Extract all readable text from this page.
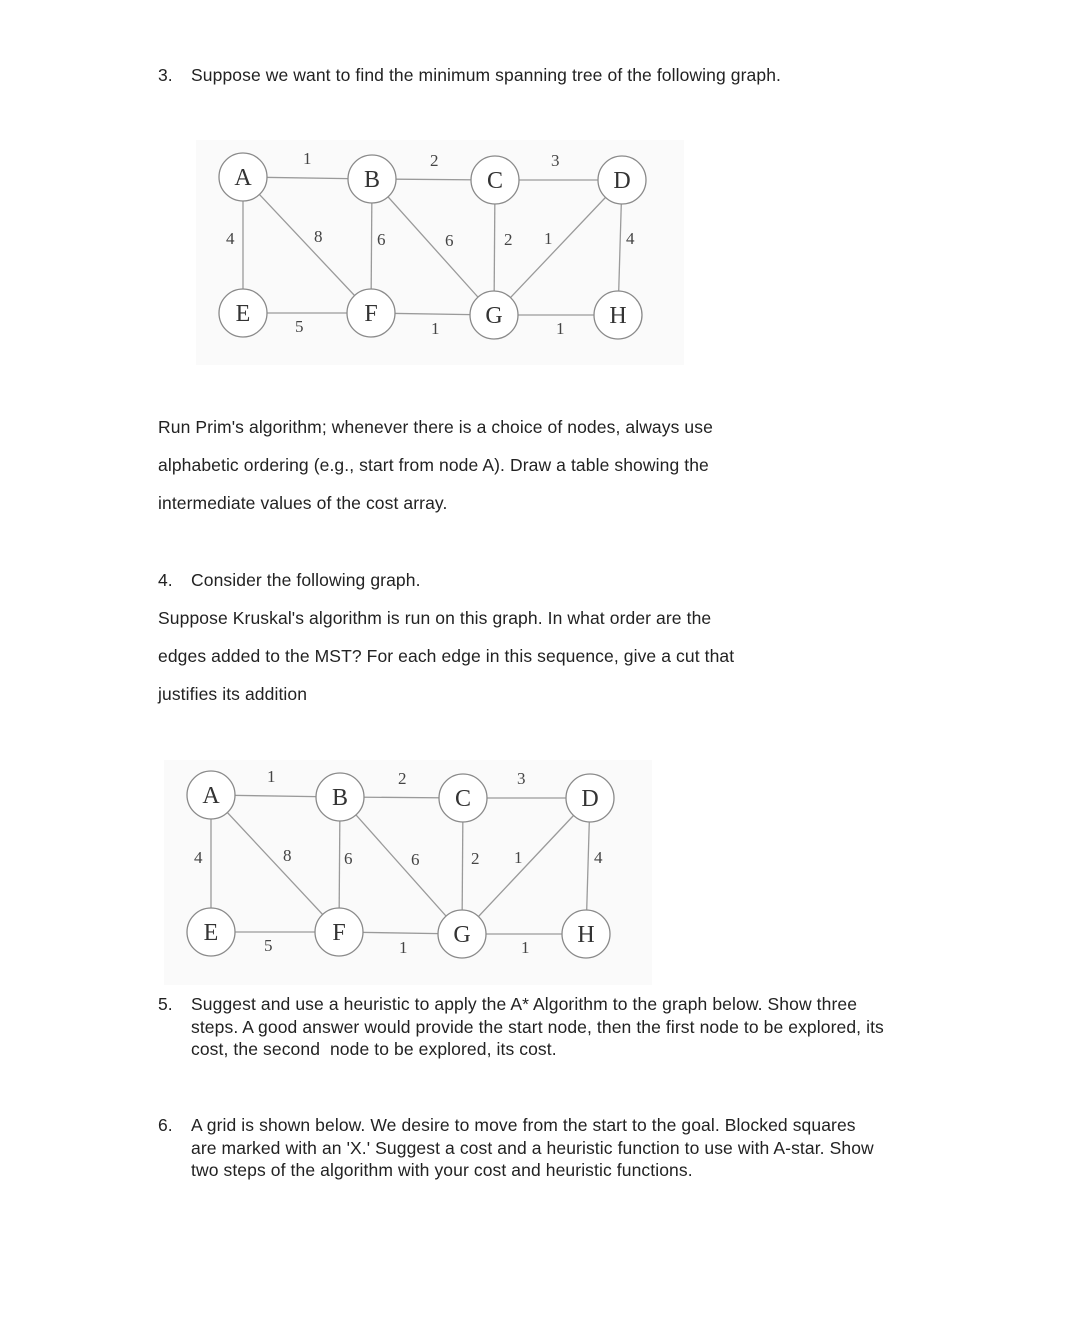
3. Suppose we want to find the minimum spanning tree of the following graph.
1	2	3
4	8	6	6	2 1	4
5	1	1
A	B	C	D
E	F	G	H
Run Prim's algorithm; whenever there is a choice of nodes, always use
alphabetic ordering (e.g., start from node A). Draw a table showing the
intermediate values of the cost array.
4. Consider the following graph.
Suppose Kruskal's algorithm is run on this graph. In what order are the
edges added to the MST? For each edge in this sequence, give a cut that
justifies its addition
1	2	3
4	8	6	6	2 1	4
5	1	1
A	B	C	D
E	F	G	H
5. Suggest and use a heuristic to apply the A* Algorithm to the graph below. Show three
steps. A good answer would provide the start node, then the first node to be explored, its
cost, the second  node to be explored, its cost.
6. A grid is shown below. We desire to move from the start to the goal. Blocked squares
are marked with an 'X.' Suggest a cost and a heuristic function to use with A-star. Show
two steps of the algorithm with your cost and heuristic functions.
